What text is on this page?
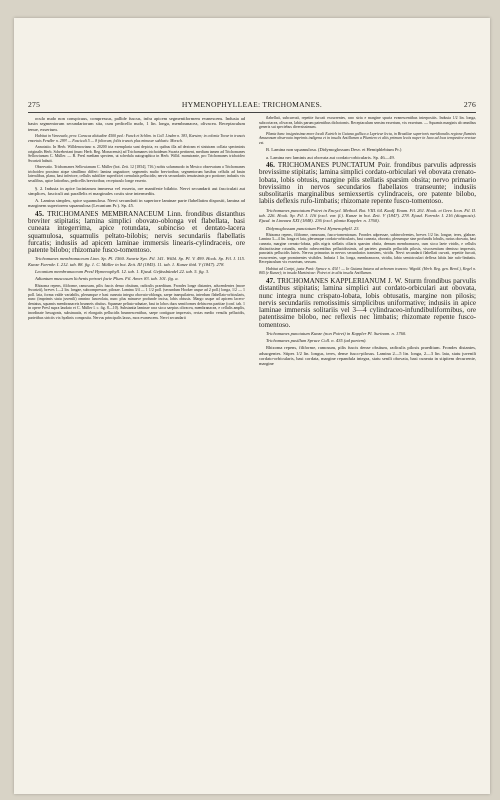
275	HYMENOPHYLLEAE: TRICHOMANES.	276

oculo nudo non conspicuus, compressus, pallide fuscus, infra apicem segmentiformem evanescens. Indusia ad basin segmentorum secundariorum sita, cum pedicello nudo, 1 lin. longa, membranacea, olivacea. Receptaculum tenue, exsertum.

Habitat in Venezuela, prov. Caracas altitudine 4500 ped.: Funck et Schlim. in Coll. Linden n. 383, Karsten; in colonia Tovar in truncis emortuis Fendler n. 299! — Fasciculi 5 — 8 foliorum, foliis truncis plus minusve sublaxis: Morsch.

Annotatio. In Herb. Willdenowiano n. 20200 tria exemplaria sunt depicta, ex quibus illa ad dextram et sinistram collata speciminis originalis Herb. Schreberiani (nunc Herb. Reg. Monacensis) ad Trichomanes trichoideum Swartz pertinent, medium tamen ad Trichomanes Sellowianum C. Müller. — B. Presl mediam speciem, ut schedula autographica in Herb. Willd. monstrante, pro Trichomanes trichoideo Swartzii habuit.

Observatio. Trichomanes Sellowianum C. Müller (bot. Zeit. 12 [1854], 716.) nobis solummodo in Mexico observatum a Trichomanes trichoideo proximo atque simillimo differt: lamina angustiore; segmentis multo brevioribus; segmentorum basibus cellulis ad basin lateralibus, plana, basi inferiore, cellulis subtiliter superficiei crenulatis pellucidis; nervis secundariis tenuissimis pro portione; indusiis vix sessilibus, apice latioribus, pedicellis brevioribus; receptaculo longe exserto.

§. 2. Indusia in apice laciniarum immersa vel exserta, ore manifeste bilabio. Nervi secundarii aut fasciculati aut simplices, fasciculi aut parallelis et marginales costis sine intermediis.

A. Lamina simplex, spice squamulosa. Nervi secundarii in superiore laminae parte flabellatim dispositi, lamina ad marginem superiorem squamulosa (Lecanium Pr.). Sp. 45.

45. TRICHOMANES MEMBRANACEUM Linn. frondibus distanthus breviter stipitatis; lamina simplici obovato-oblonga vel flabellata, basi cuneata integerrima, apice rotundata, subinciso et dentato-lacera squamulosa, squamulis peltato-bilobis; nervis secundariis flabellatis furcatis; indusiis ad apicem laminae immersis linearis-cylindraceis, ore patente bilobo; rhizomate fusco-tomentoso.

Trichomanes membranaceum Linn. Sp. Pl. 1560. Swartz Syn. Fil. 141. Willd. Sp. Pl. V. 499. Hook. Sp. Fil. I. 115. Kunze Farrnkr. I. 212. tab. 88. fig. 1. C. Müller in bot. Zeit. III (1845). 11. tab. 1. Kunze ibid. V (1847). 278.

Lecanium membranaceum Presl Hymenophyll. 12. tab. 1. Ejusd. Gefässbündel 22. tab. 5. fig. 3.

Adiantum muscosum lichenis petraei facie Plum. Fil. Amer. 83. tab. 101. fig. a.

Rhizoma repens, filiforme, ramosum, pilis fuscis denso obsitum, radiculis praeditum. Frondes longe distantes, adscendentes (more Swartzii), breves 1—2 lin. longae, subcompressae, pilosae. Lamina 3/4 — 1 1/2 poll. (secundum Hooker usque ad 2 poll.) longa, 1/2 — 1 poll. lata, forma valde variabilis, plerumque e basi cuneata integra obovato-oblonga, saepe inaequilatera, interdum flabellato-orbicularis, nunc (imprimis statu juvenili) omnino lanceolata, nunc plus minusve profunde incisa, lobis obtusis. Margo usque ad apicem lacero-dentatus, squamis membranaceis brunneis obsitus. Squamae peltato-adnatae, basi in lobos duos semiformes dehiscens partitae (conf. tab. 1 in opere Presl supra laudato et C. Müller l. c. fig. 8—10). Substantia laminae rara sicca saepius olivacea, membranacea, e cellulis amplis, inordinate hexagonis, subsinuatis, et elongatis pellucidis brunnescentibus, saepe contiguae impressis, rectas medio venulis pellucidis, parietibus strictis vix hyalinis composita. Nervus principalis laxus, mox evanescens. Nervi secundarii

flabellati, subcurvati, repetite furcati excurrentes, raro stria e margine spuria evanescentibus interpositis. Indusia 1/2 lin. longa, subcoriacea, olivacea, labiis parum patentibus dichotomis. Receptaculum sensim exsertum, vix exsertum. — Squamis marginis ab omnibus generis sui speciebus diversissimum.

Planta hanc insignissima more locali Eutrich in Guiana gallica a Leprieur lecta, in Brasiliae superioris meridionalis regione fluminis Amazonum observata imprimis indigena et in insulis Antillarum a Plumiero et aliis primum lectis nuper in Java ad loca tempestive erectae est.

B. Lamina non squamulosa. (Didymoglossum Desv. et Hemiphlebium Pr.)

a. Lamina nec laminis aut obovata aut cordato-orbicularis. Sp. 46—49.

46. TRICHOMANES PUNCTATUM Poir. frondibus parvulis adpressis brevissime stipitatis; lamina simplici cordato-orbiculari vel obovata crenato-lobata, lobis obtusis, margine pilis stellatis sparsim obsita; nervo primario brevissimo in nervos secundarios flabellatos transeunte; indusiis subsolitariis marginalibus semiexsertis cylindraceis, ore patente bilobo, labiis deflexis rufo-limbatis; rhizomate repente fusco-tomentoso.

Trichomanes punctatum Poiret in Encycl. Method. Bot. VIII. 64. Kaulf. Enum. Fil. 261. Hook. et Grev. Icon. Fil. II. tab. 226. Hook. Sp. Fil. I. 116 (excl. var. β.). Kunze in bot. Zeit. V (1847). 278. Ejusd. Farrnkr. I. 216 (diagnosis). Ejusd. in Linnaea XXI (1848). 236 (excl. planta Kappler. n. 1760).

Didymoglossum punctatum Presl Hymenophyll. 23.

Rhizoma repens, filiforme, ramosum, fusco-tomentosum. Frondes adpressae, subinvolventes, breves 1/2 lin. longae, teres, glabrae. Lamina 3—4 lin. longa et lata, plerumque cordato-orbicularis, basi cuneata, obovato, plerumque sine profundis lobulis, rarius obovata, basi cuneata, margine crenato-lobata, pilis nigris stellatis ciliaris sparsim obsita, demum membranacea, cum sicca laete viridis, e cellulis distinctissime rotundis, medio rubescentibus pellucidissimis, ad parietes granulis pellucidis pilosis, viscosentium demisso impressis, punctatis pellucidis luteis. Nervus primarius in nervos secundarios transiens, viridis. Nervi secundarii flabellati curvati, repetite furcati, excurrentes, sape prominentes visibiles. Indusia 1 lin. longa, membranacea, viridia, labio semicirculari deflexa labiis late rufo-limbatis. Receptaculum vix exsertum, sessum.

Habitat ad Caripi, juxta Parà: Spruce n. 434 ! — In Guiana batava ad arborum truncos: Wigold. (Herb. Reg. gen. Berol.), Kegel n. 805 (e Kunze); in insula Martinicae: Poiret et in aliis insulis Antillarum.

47. TRICHOMANES KAPPLERIANUM J. W. Sturm frondibus parvulis distantibus stipitatis; lamina simplici aut cordato-orbiculari aut obovata, nunc integra nunc crispato-lobata, lobis obtusatis, margine non pilosis; nervis secundariis remotissimis simplicibus uniformative; indusiis in apice laminae immersis solitariis vel 3—4 cylindraceo-infundibuliformibus, ore patentissime bilobo, nec reflexis nec limbatis; rhizomate repente fusco-tomentoso.

Trichomanes punctatum Kunze (non Poiret) in Kappler Pl. Surinam. n. 1760.

Trichomanes pusillum Spruce Coll. n. 435 (ad partem).

Rhizoma repens, filiforme, ramosum, pilis fuscis dense obsitum, radiculis pilosis praeditum. Frondes distantes, adsurgentes. Stipes 1/2 lin. longus, teres, dense fusco-pilosus. Lamina 2—5 lin. longa, 2—3 lin. lata, statu juvenili cordato-orbicularis, basi cordata, margine repandula integra, statu senili obovata, basi cuneata in stipitem decurrente, margine
